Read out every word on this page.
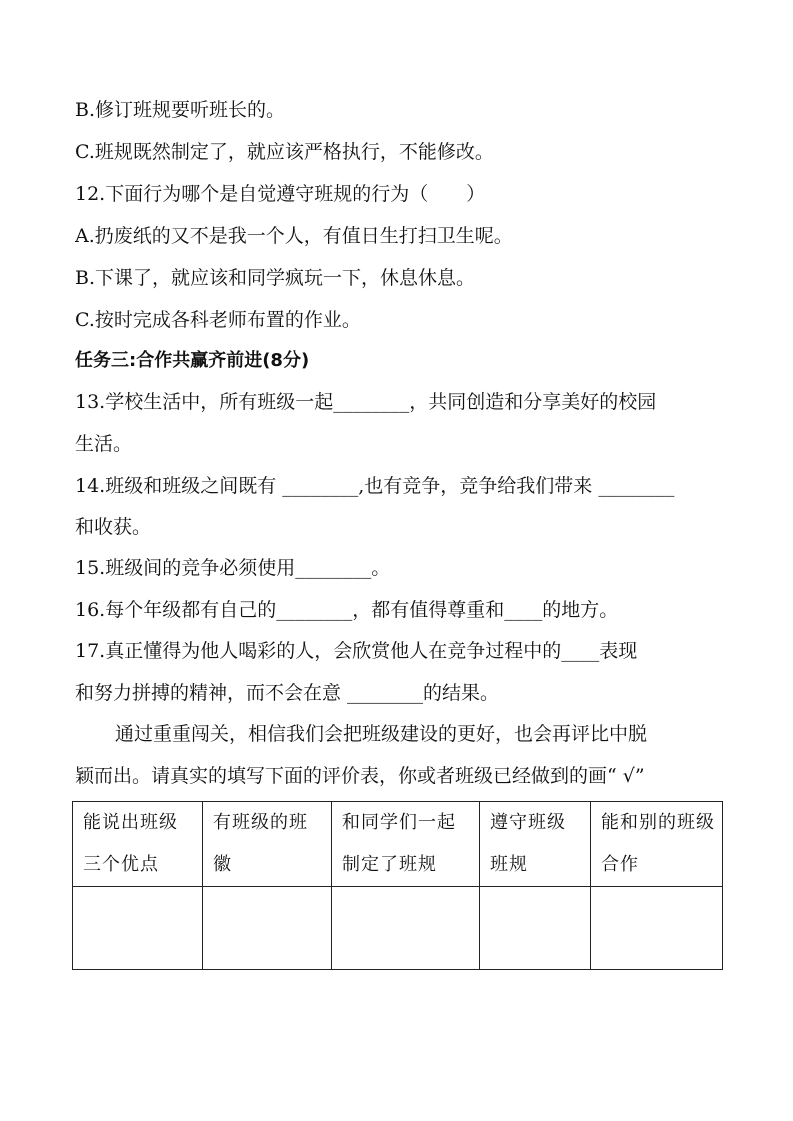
B.修订班规要听班长的。
C.班规既然制定了，就应该严格执行，不能修改。
12.下面行为哪个是自觉遵守班规的行为（　　）
A.扔废纸的又不是我一个人，有值日生打扫卫生呢。
B.下课了，就应该和同学疯玩一下，休息休息。
C.按时完成各科老师布置的作业。
任务三:合作共赢齐前进(8分)
13.学校生活中，所有班级一起________，共同创造和分享美好的校园
生活。
14.班级和班级之间既有 ________,也有竞争，竞争给我们带来 ________
和收获。
15.班级间的竞争必须使用________。
16.每个年级都有自己的________，都有值得尊重和____的地方。
17.真正懂得为他人喝彩的人，会欣赏他人在竞争过程中的____表现
和努力拼搏的精神，而不会在意 ________的结果。
通过重重闯关，相信我们会把班级建设的更好，也会再评比中脱
颖而出。请真实的填写下面的评价表，你或者班级已经做到的画“ √”
能说出班级三个优点	有班级的班徽	和同学们一起制定了班规	遵守班级班规	能和别的班级合作
